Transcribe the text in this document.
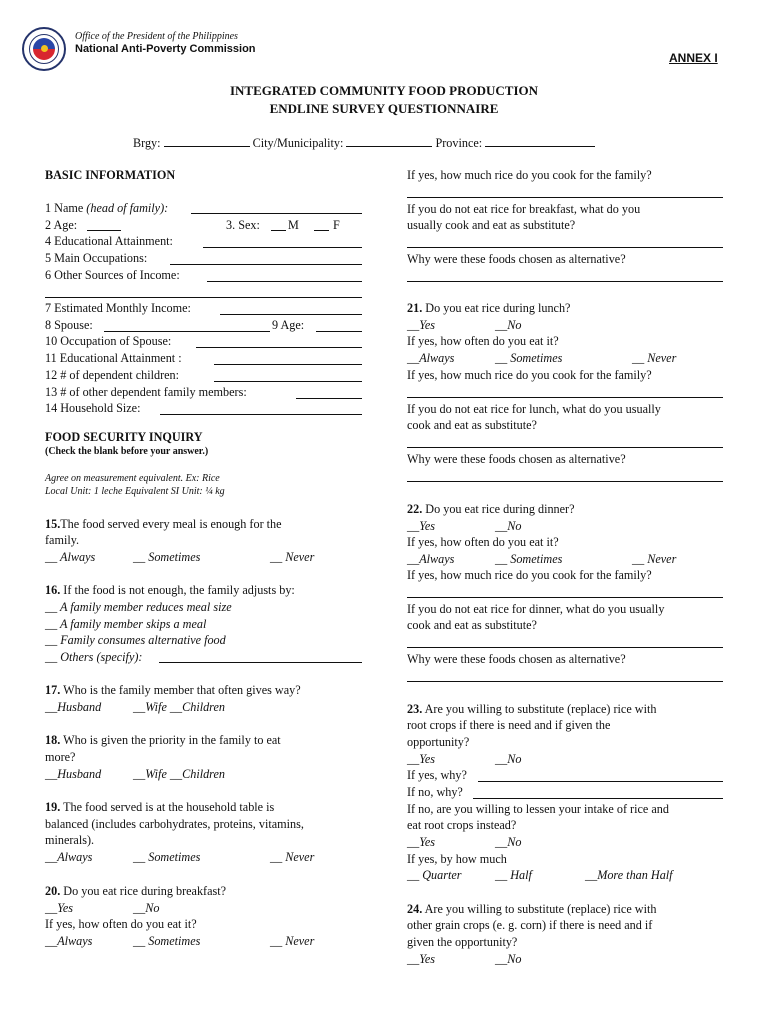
Office of the President of the Philippines
National Anti-Poverty Commission
ANNEX I
INTEGRATED COMMUNITY FOOD PRODUCTION
ENDLINE SURVEY QUESTIONNAIRE
Brgy:	City/Municipality:	Province:
BASIC INFORMATION
1 Name (head of family):
2 Age:	3. Sex: M	F
4 Educational Attainment:
5 Main Occupations:
6 Other Sources of Income:
7 Estimated Monthly Income:
8 Spouse:	9 Age:
10 Occupation of Spouse:
11 Educational Attainment :
12 # of dependent children:
13 # of other dependent family members:
14 Household Size:
FOOD SECURITY INQUIRY
(Check the blank before your answer.)
Agree on measurement equivalent. Ex: Rice
Local Unit: 1 leche Equivalent SI Unit: ¼ kg
15.The food served every meal is enough for the
family.
__ Always	__ Sometimes	__ Never
16. If the food is not enough, the family adjusts by:
__ A family member reduces meal size
__ A family member skips a meal
__ Family consumes alternative food
__ Others (specify):
17. Who is the family member that often gives way?
__Husband	__Wife __Children
18. Who is given the priority in the family to eat
more?
__Husband	__Wife __Children
19. The food served is at the household table is
balanced (includes carbohydrates, proteins, vitamins,
minerals).
__Always	__ Sometimes	__ Never
20. Do you eat rice during breakfast?
__Yes	__No
If yes, how often do you eat it?
__Always	__ Sometimes	__ Never
If yes, how much rice do you cook for the family?
If you do not eat rice for breakfast, what do you
usually cook and eat as substitute?
Why were these foods chosen as alternative?
21. Do you eat rice during lunch?
__Yes	__No
If yes, how often do you eat it?
__Always	__ Sometimes	__ Never
If yes, how much rice do you cook for the family?
If you do not eat rice for lunch, what do you usually
cook and eat as substitute?
Why were these foods chosen as alternative?
22. Do you eat rice during dinner?
__Yes	__No
If yes, how often do you eat it?
__Always	__ Sometimes	__ Never
If yes, how much rice do you cook for the family?
If you do not eat rice for dinner, what do you usually
cook and eat as substitute?
Why were these foods chosen as alternative?
23. Are you willing to substitute (replace) rice with
root crops if there is need and if given the
opportunity?
__Yes	__No
If yes, why?
If no, why?
If no, are you willing to lessen your intake of rice and
eat root crops instead?
__Yes	__No
If yes, by how much
__ Quarter	__ Half	__More than Half
24. Are you willing to substitute (replace) rice with
other grain crops (e. g. corn) if there is need and if
given the opportunity?
__Yes	__No
